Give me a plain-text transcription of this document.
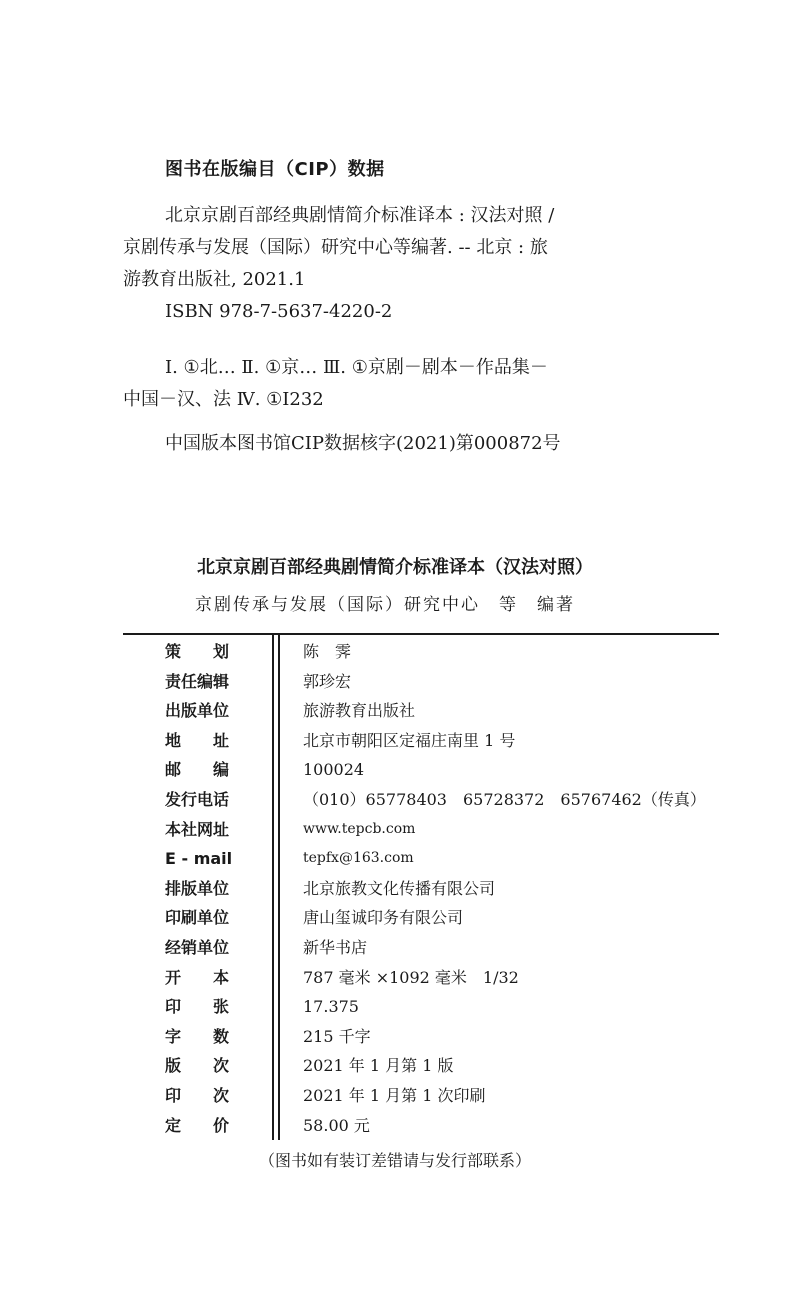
图书在版编目（CIP）数据
北京京剧百部经典剧情简介标准译本 : 汉法对照 /
京剧传承与发展（国际）研究中心等编著. -- 北京 : 旅
游教育出版社, 2021.1
ISBN 978-7-5637-4220-2
Ⅰ. ①北… Ⅱ. ①京… Ⅲ. ①京剧－剧本－作品集－
中国－汉、法 Ⅳ. ①I232
中国版本图书馆CIP数据核字(2021)第000872号
北京京剧百部经典剧情简介标准译本（汉法对照）
京剧传承与发展（国际）研究中心　等　编著
策　　划	陈　霁
责任编辑	郭珍宏
出版单位	旅游教育出版社
地　　址	北京市朝阳区定福庄南里 1 号
邮　　编	100024
发行电话	（010）65778403　65728372　65767462（传真）
本社网址	www.tepcb.com
E - mail	tepfx@163.com
排版单位	北京旅教文化传播有限公司
印刷单位	唐山玺诚印务有限公司
经销单位	新华书店
开　　本	787 毫米 ×1092 毫米　1/32
印　　张	17.375
字　　数	215 千字
版　　次	2021 年 1 月第 1 版
印　　次	2021 年 1 月第 1 次印刷
定　　价	58.00 元
（图书如有装订差错请与发行部联系）
